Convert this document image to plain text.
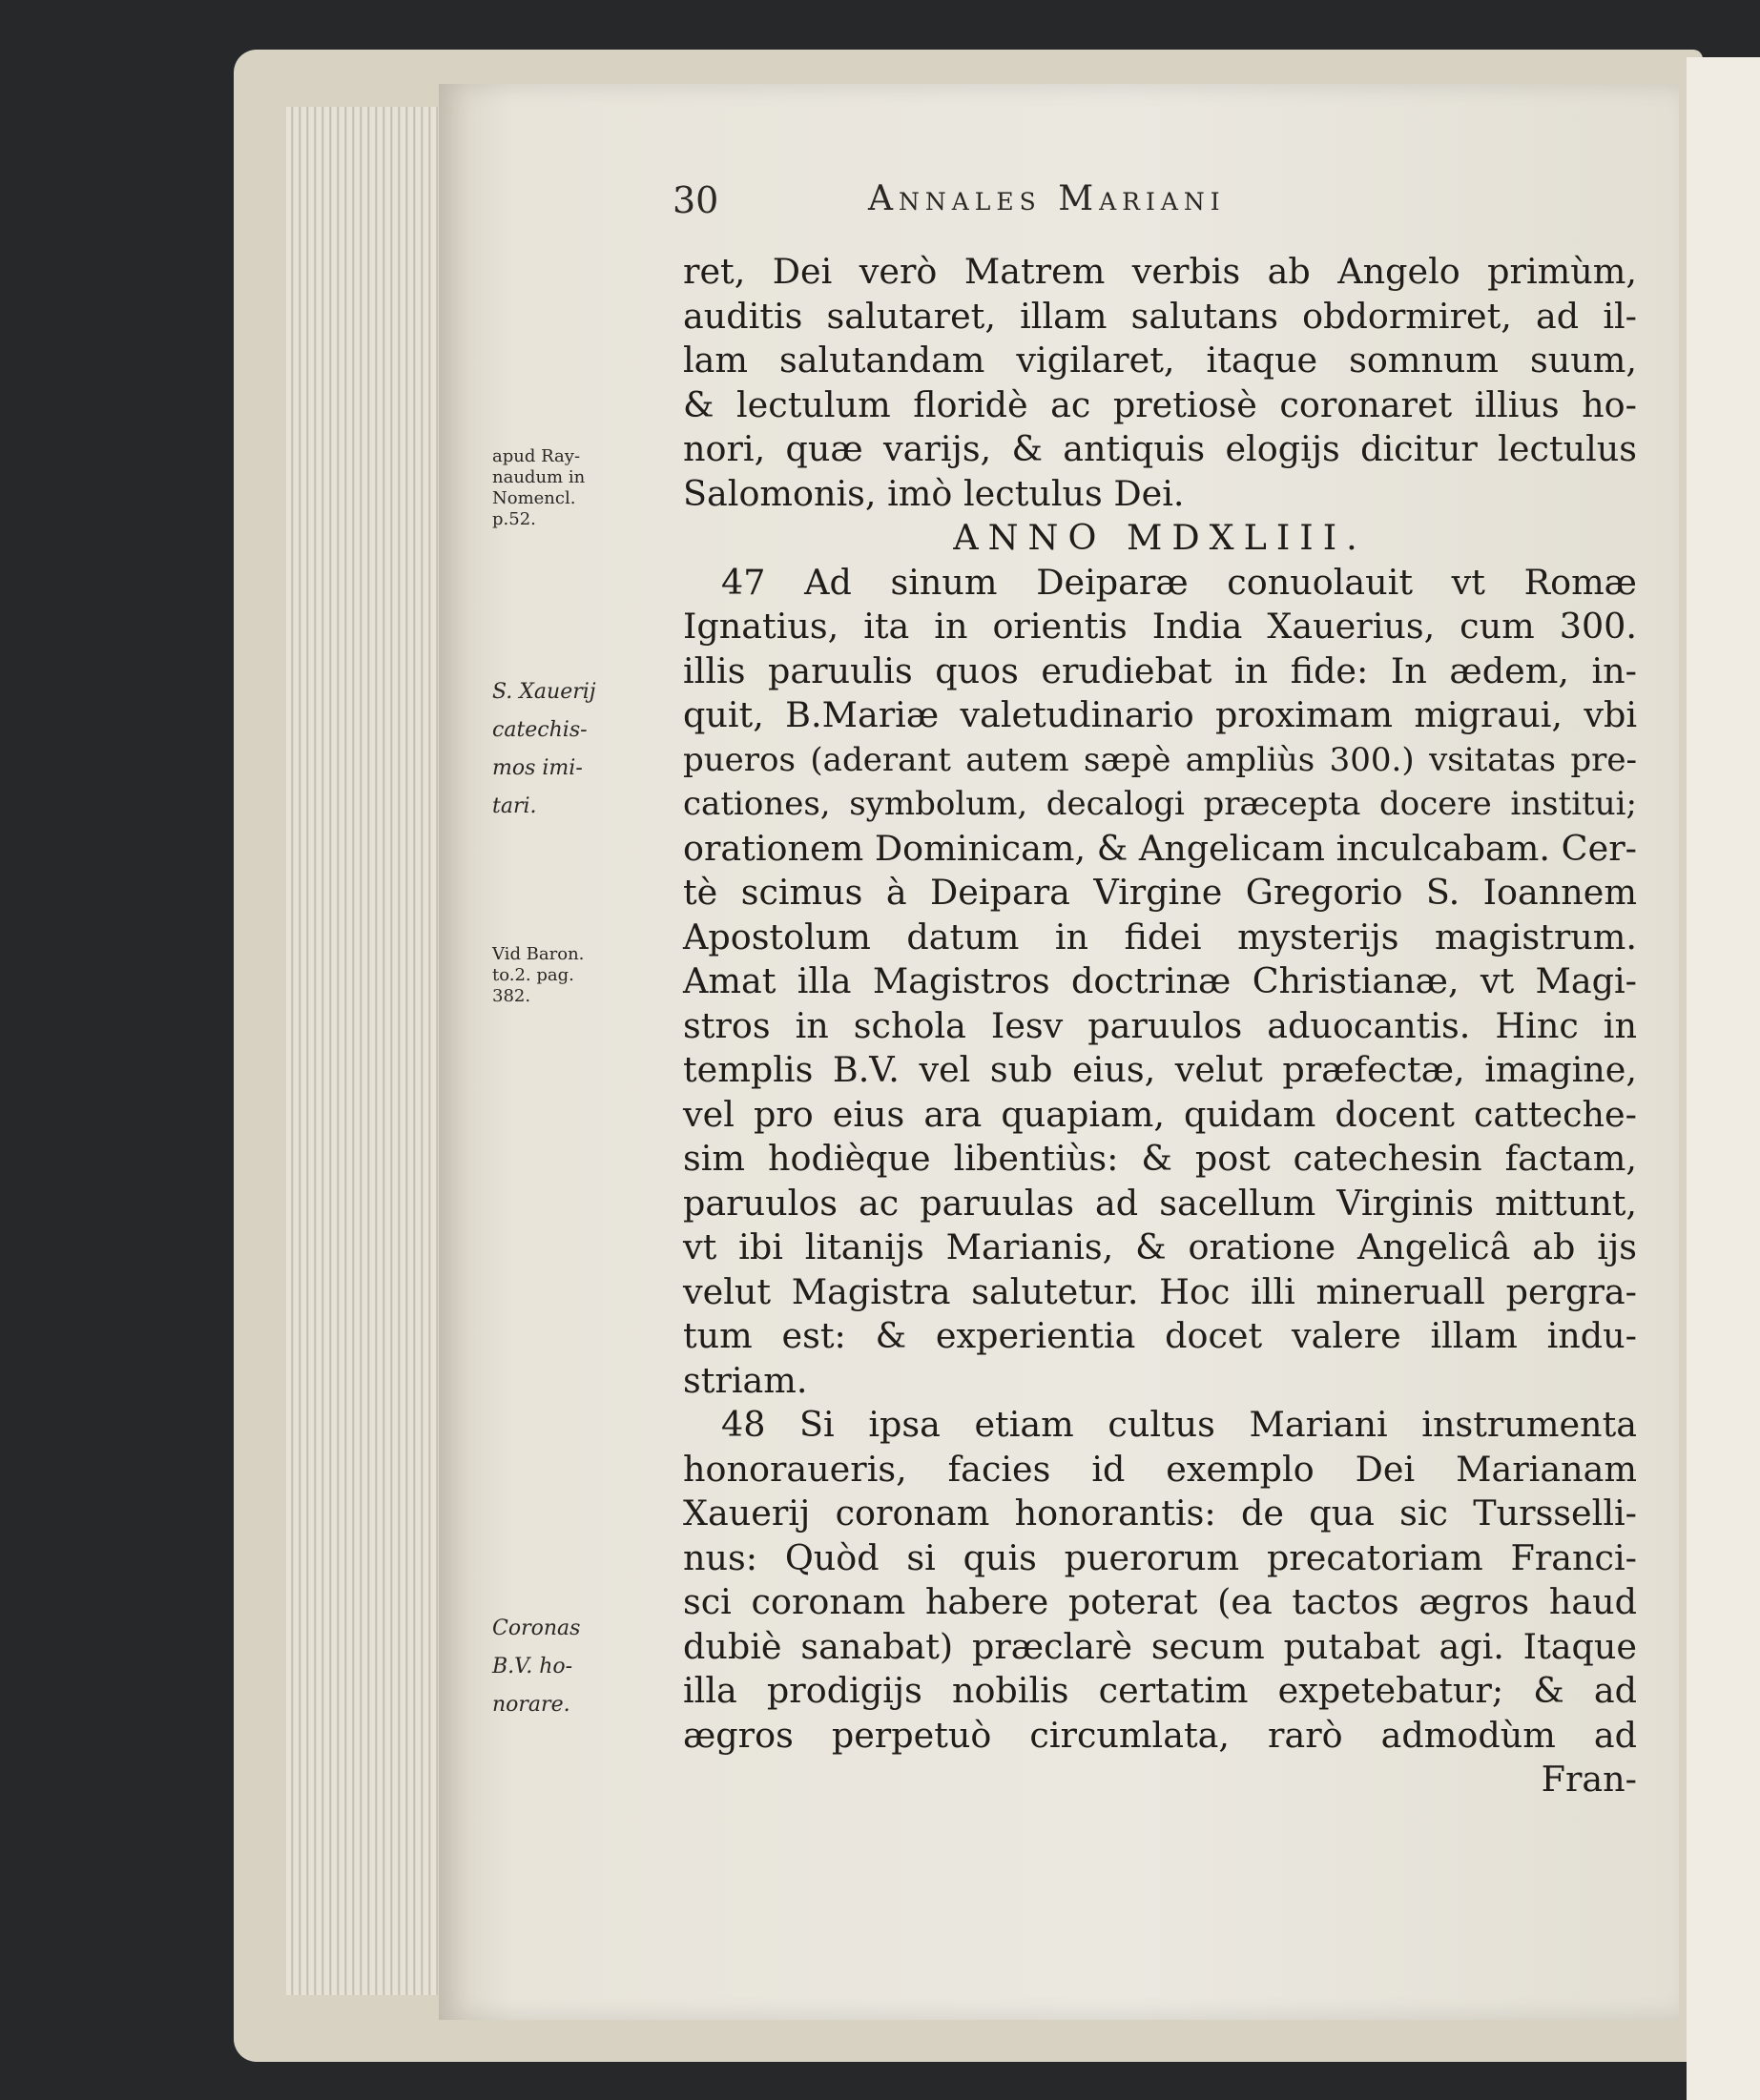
30	Annales Mariani
apud Ray-
naudum in
Nomencl.
p.52.
S. Xauerij
catechis-
mos imi-
tari.
Vid Baron.
to.2. pag.
382.
Coronas
B.V. ho-
norare.
ret, Dei verò Matrem verbis ab Angelo primùm,
auditis salutaret, illam salutans obdormiret, ad il-
lam salutandam vigilaret, itaque somnum suum,
& lectulum floridè ac pretiosè coronaret illius ho-
nori, quæ varijs, & antiquis elogijs dicitur lectulus
Salomonis, imò lectulus Dei.
ANNO MDXLIII.
47 Ad sinum Deiparæ conuolauit vt Romæ
Ignatius, ita in orientis India Xauerius, cum 300.
illis paruulis quos erudiebat in fide: In ædem, in-
quit, B.Mariæ valetudinario proximam migraui, vbi
pueros (aderant autem sæpè ampliùs 300.) vsitatas pre-
cationes, symbolum, decalogi præcepta docere institui;
orationem Dominicam, & Angelicam inculcabam. Cer-
tè scimus à Deipara Virgine Gregorio S. Ioannem
Apostolum datum in fidei mysterijs magistrum.
Amat illa Magistros doctrinæ Christianæ, vt Magi-
stros in schola Iesv paruulos aduocantis. Hinc in
templis B.V. vel sub eius, velut præfectæ, imagine,
vel pro eius ara quapiam, quidam docent catteche-
sim hodièque libentiùs: & post catechesin factam,
paruulos ac paruulas ad sacellum Virginis mittunt,
vt ibi litanijs Marianis, & oratione Angelicâ ab ijs
velut Magistra salutetur. Hoc illi mineruall pergra-
tum est: & experientia docet valere illam indu-
striam.
48 Si ipsa etiam cultus Mariani instrumenta
honoraueris, facies id exemplo Dei Marianam
Xauerij coronam honorantis: de qua sic Tursselli-
nus: Quòd si quis puerorum precatoriam Franci-
sci coronam habere poterat (ea tactos ægros haud
dubiè sanabat) præclarè secum putabat agi. Itaque
illa prodigijs nobilis certatim expetebatur; & ad
ægros perpetuò circumlata, rarò admodùm ad
Fran-
